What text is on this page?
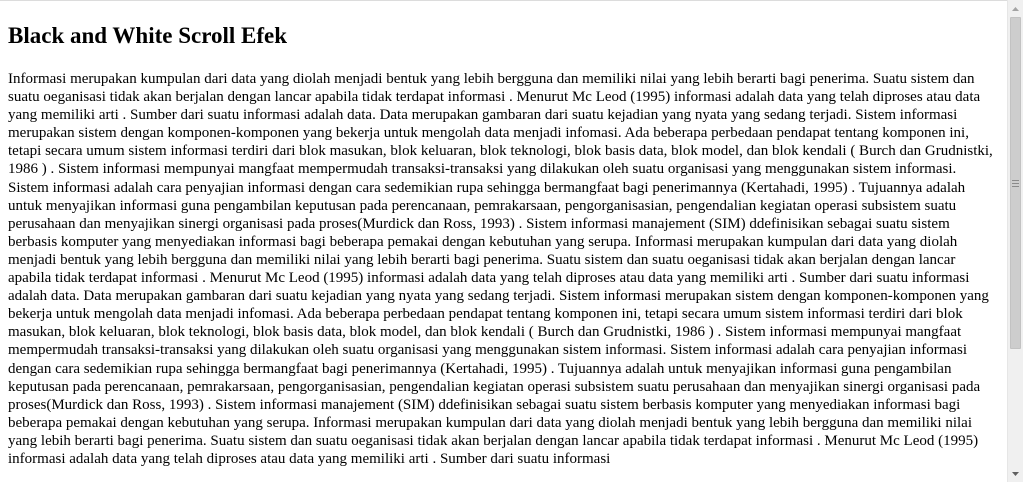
Black and White Scroll Efek

Informasi merupakan kumpulan dari data yang diolah menjadi bentuk yang lebih bergguna dan memiliki nilai yang lebih berarti bagi penerima. Suatu sistem dan suatu oeganisasi tidak akan berjalan dengan lancar apabila tidak terdapat informasi . Menurut Mc Leod (1995) informasi adalah data yang telah diproses atau data yang memiliki arti . Sumber dari suatu informasi adalah data. Data merupakan gambaran dari suatu kejadian yang nyata yang sedang terjadi. Sistem informasi merupakan sistem dengan komponen-komponen yang bekerja untuk mengolah data menjadi infomasi. Ada beberapa perbedaan pendapat tentang komponen ini, tetapi secara umum sistem informasi terdiri dari blok masukan, blok keluaran, blok teknologi, blok basis data, blok model, dan blok kendali ( Burch dan Grudnistki, 1986 ) . Sistem informasi mempunyai mangfaat mempermudah transaksi-transaksi yang dilakukan oleh suatu organisasi yang menggunakan sistem informasi. Sistem informasi adalah cara penyajian informasi dengan cara sedemikian rupa sehingga bermangfaat bagi penerimannya (Kertahadi, 1995) . Tujuannya adalah untuk menyajikan informasi guna pengambilan keputusan pada perencanaan, pemrakarsaan, pengorganisasian, pengendalian kegiatan operasi subsistem suatu perusahaan dan menyajikan sinergi organisasi pada proses(Murdick dan Ross, 1993) . Sistem informasi manajement (SIM) ddefinisikan sebagai suatu sistem berbasis komputer yang menyediakan informasi bagi beberapa pemakai dengan kebutuhan yang serupa. Informasi merupakan kumpulan dari data yang diolah menjadi bentuk yang lebih bergguna dan memiliki nilai yang lebih berarti bagi penerima. Suatu sistem dan suatu oeganisasi tidak akan berjalan dengan lancar apabila tidak terdapat informasi . Menurut Mc Leod (1995) informasi adalah data yang telah diproses atau data yang memiliki arti . Sumber dari suatu informasi adalah data. Data merupakan gambaran dari suatu kejadian yang nyata yang sedang terjadi. Sistem informasi merupakan sistem dengan komponen-komponen yang bekerja untuk mengolah data menjadi infomasi. Ada beberapa perbedaan pendapat tentang komponen ini, tetapi secara umum sistem informasi terdiri dari blok masukan, blok keluaran, blok teknologi, blok basis data, blok model, dan blok kendali ( Burch dan Grudnistki, 1986 ) . Sistem informasi mempunyai mangfaat mempermudah transaksi-transaksi yang dilakukan oleh suatu organisasi yang menggunakan sistem informasi. Sistem informasi adalah cara penyajian informasi dengan cara sedemikian rupa sehingga bermangfaat bagi penerimannya (Kertahadi, 1995) . Tujuannya adalah untuk menyajikan informasi guna pengambilan keputusan pada perencanaan, pemrakarsaan, pengorganisasian, pengendalian kegiatan operasi subsistem suatu perusahaan dan menyajikan sinergi organisasi pada proses(Murdick dan Ross, 1993) . Sistem informasi manajement (SIM) ddefinisikan sebagai suatu sistem berbasis komputer yang menyediakan informasi bagi beberapa pemakai dengan kebutuhan yang serupa. Informasi merupakan kumpulan dari data yang diolah menjadi bentuk yang lebih bergguna dan memiliki nilai yang lebih berarti bagi penerima. Suatu sistem dan suatu oeganisasi tidak akan berjalan dengan lancar apabila tidak terdapat informasi . Menurut Mc Leod (1995) informasi adalah data yang telah diproses atau data yang memiliki arti . Sumber dari suatu informasi
